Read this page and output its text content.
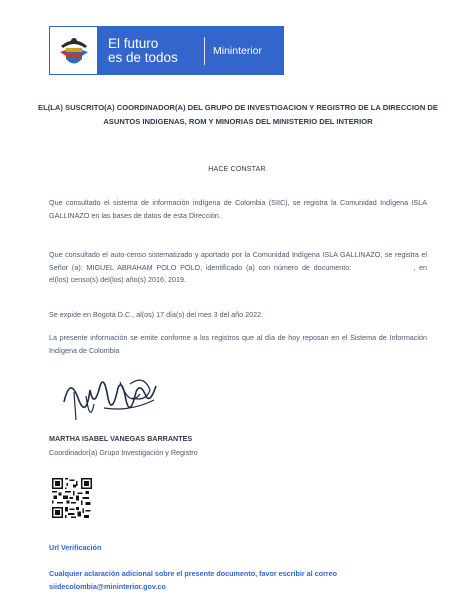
El futuro
es de todos	Mininterior
EL(LA) SUSCRITO(A) COORDINADOR(A) DEL GRUPO DE INVESTIGACION Y REGISTRO DE LA DIRECCION DE ASUNTOS INDIGENAS, ROM Y MINORIAS DEL MINISTERIO DEL INTERIOR
HACE CONSTAR
Que consultado el sistema de información indígena de Colombia (SIIC), se registra la Comunidad Indígena ISLA GALLINAZO en las bases de datos de esta Dirección.
Que consultado el auto-censo sistematizado y aportado por la Comunidad Indígena ISLA GALLINAZO, se registra el Señor (a): MIGUEL ABRAHAM POLO POLO, identificado (a) con número de documento:	, en el(los) censo(s) del(los) año(s) 2016, 2019.
Se expide en Bogotá D.C., al(os) 17 día(s) del mes 3 del año 2022.
La presente información se emite conforme a los registros que al día de hoy reposan en el Sistema de Información Indígena de Colombia
MARTHA ISABEL VANEGAS BARRANTES
Coordinador(a) Grupo Investigación y Registro
Url Verificación
Cualquier aclaración adicional sobre el presente documento, favor escribir al correo
siidecolombia@mininterior.gov.co
